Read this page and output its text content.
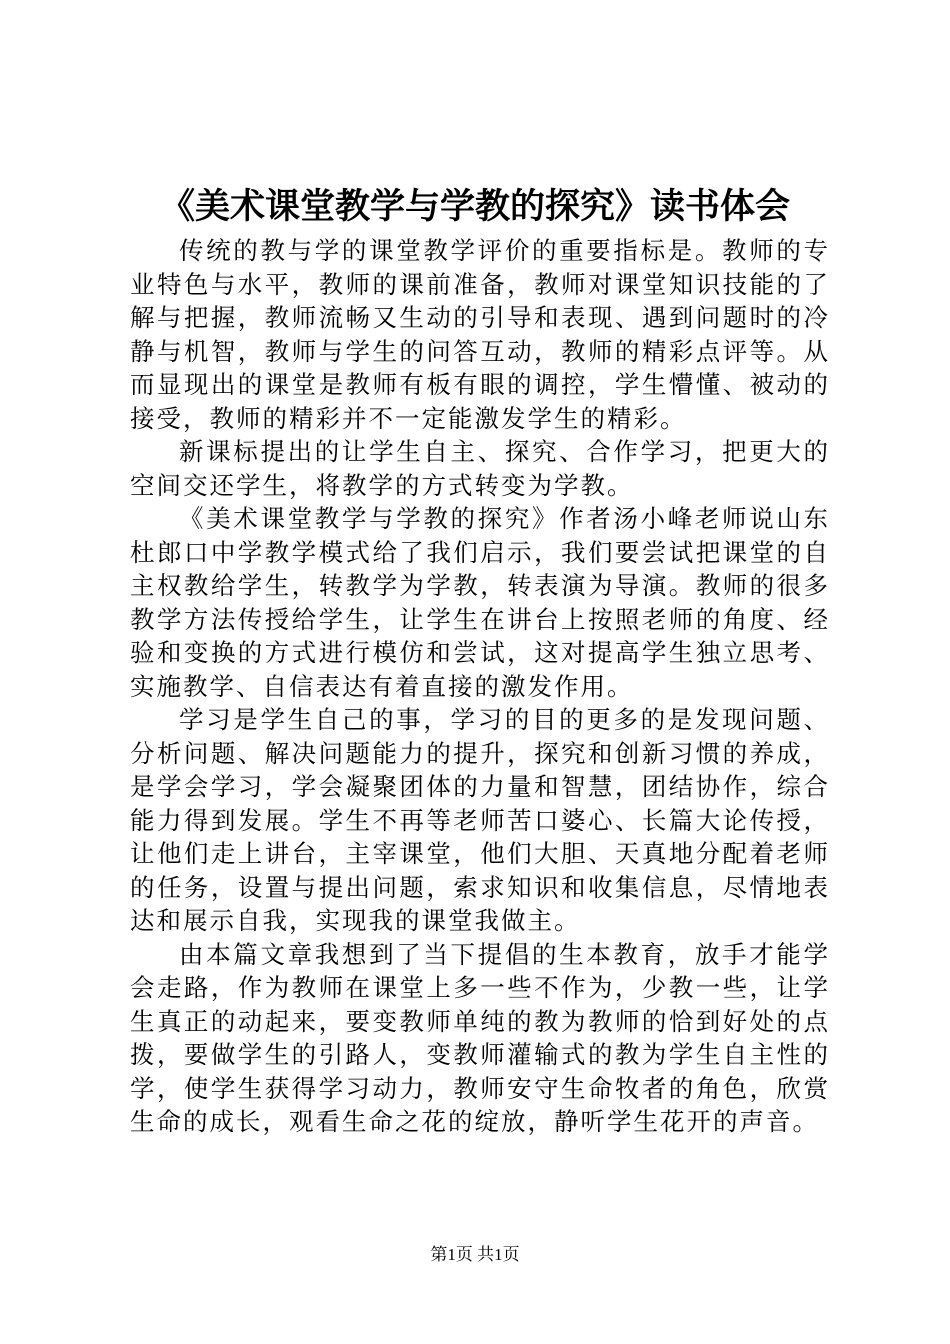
《美术课堂教学与学教的探究》读书体会

传统的教与学的课堂教学评价的重要指标是。教师的专业特色与水平，教师的课前准备，教师对课堂知识技能的了解与把握，教师流畅又生动的引导和表现、遇到问题时的冷静与机智，教师与学生的问答互动，教师的精彩点评等。从而显现出的课堂是教师有板有眼的调控，学生懵懂、被动的接受，教师的精彩并不一定能激发学生的精彩。

新课标提出的让学生自主、探究、合作学习，把更大的空间交还学生，将教学的方式转变为学教。

《美术课堂教学与学教的探究》作者汤小峰老师说山东杜郎口中学教学模式给了我们启示，我们要尝试把课堂的自主权教给学生，转教学为学教，转表演为导演。教师的很多教学方法传授给学生，让学生在讲台上按照老师的角度、经验和变换的方式进行模仿和尝试，这对提高学生独立思考、实施教学、自信表达有着直接的激发作用。

学习是学生自己的事，学习的目的更多的是发现问题、分析问题、解决问题能力的提升，探究和创新习惯的养成，是学会学习，学会凝聚团体的力量和智慧，团结协作，综合能力得到发展。学生不再等老师苦口婆心、长篇大论传授，让他们走上讲台，主宰课堂，他们大胆、天真地分配着老师的任务，设置与提出问题，索求知识和收集信息，尽情地表达和展示自我，实现我的课堂我做主。

由本篇文章我想到了当下提倡的生本教育，放手才能学会走路，作为教师在课堂上多一些不作为，少教一些，让学生真正的动起来，要变教师单纯的教为教师的恰到好处的点拨，要做学生的引路人，变教师灌输式的教为学生自主性的学，使学生获得学习动力，教师安守生命牧者的角色，欣赏生命的成长，观看生命之花的绽放，静听学生花开的声音。

第1页 共1页
